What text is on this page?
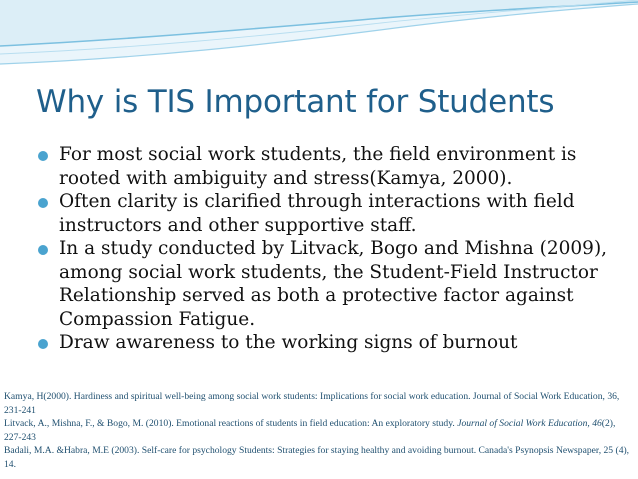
Why is TIS Important for Students
For most social work students, the field environment is rooted with ambiguity and stress(Kamya, 2000).
Often clarity is clarified through interactions with field instructors and other supportive staff.
In a study conducted by Litvack, Bogo and Mishna (2009), among social work students, the Student-Field Instructor Relationship served as both a protective factor against Compassion Fatigue.
Draw awareness to the working signs of burnout

Kamya, H(2000). Hardiness and spiritual well-being among social work students: Implications for social work education. Journal of Social Work Education, 36, 231-241

Litvack, A., Mishna, F., & Bogo, M. (2010). Emotional reactions of students in field education: An exploratory study. Journal of Social Work Education, 46(2), 227-243

Badali, M.A. &Habra, M.E (2003). Self-care for psychology Students: Strategies for staying healthy and avoiding burnout. Canada's Psynopsis Newspaper, 25 (4), 14.
